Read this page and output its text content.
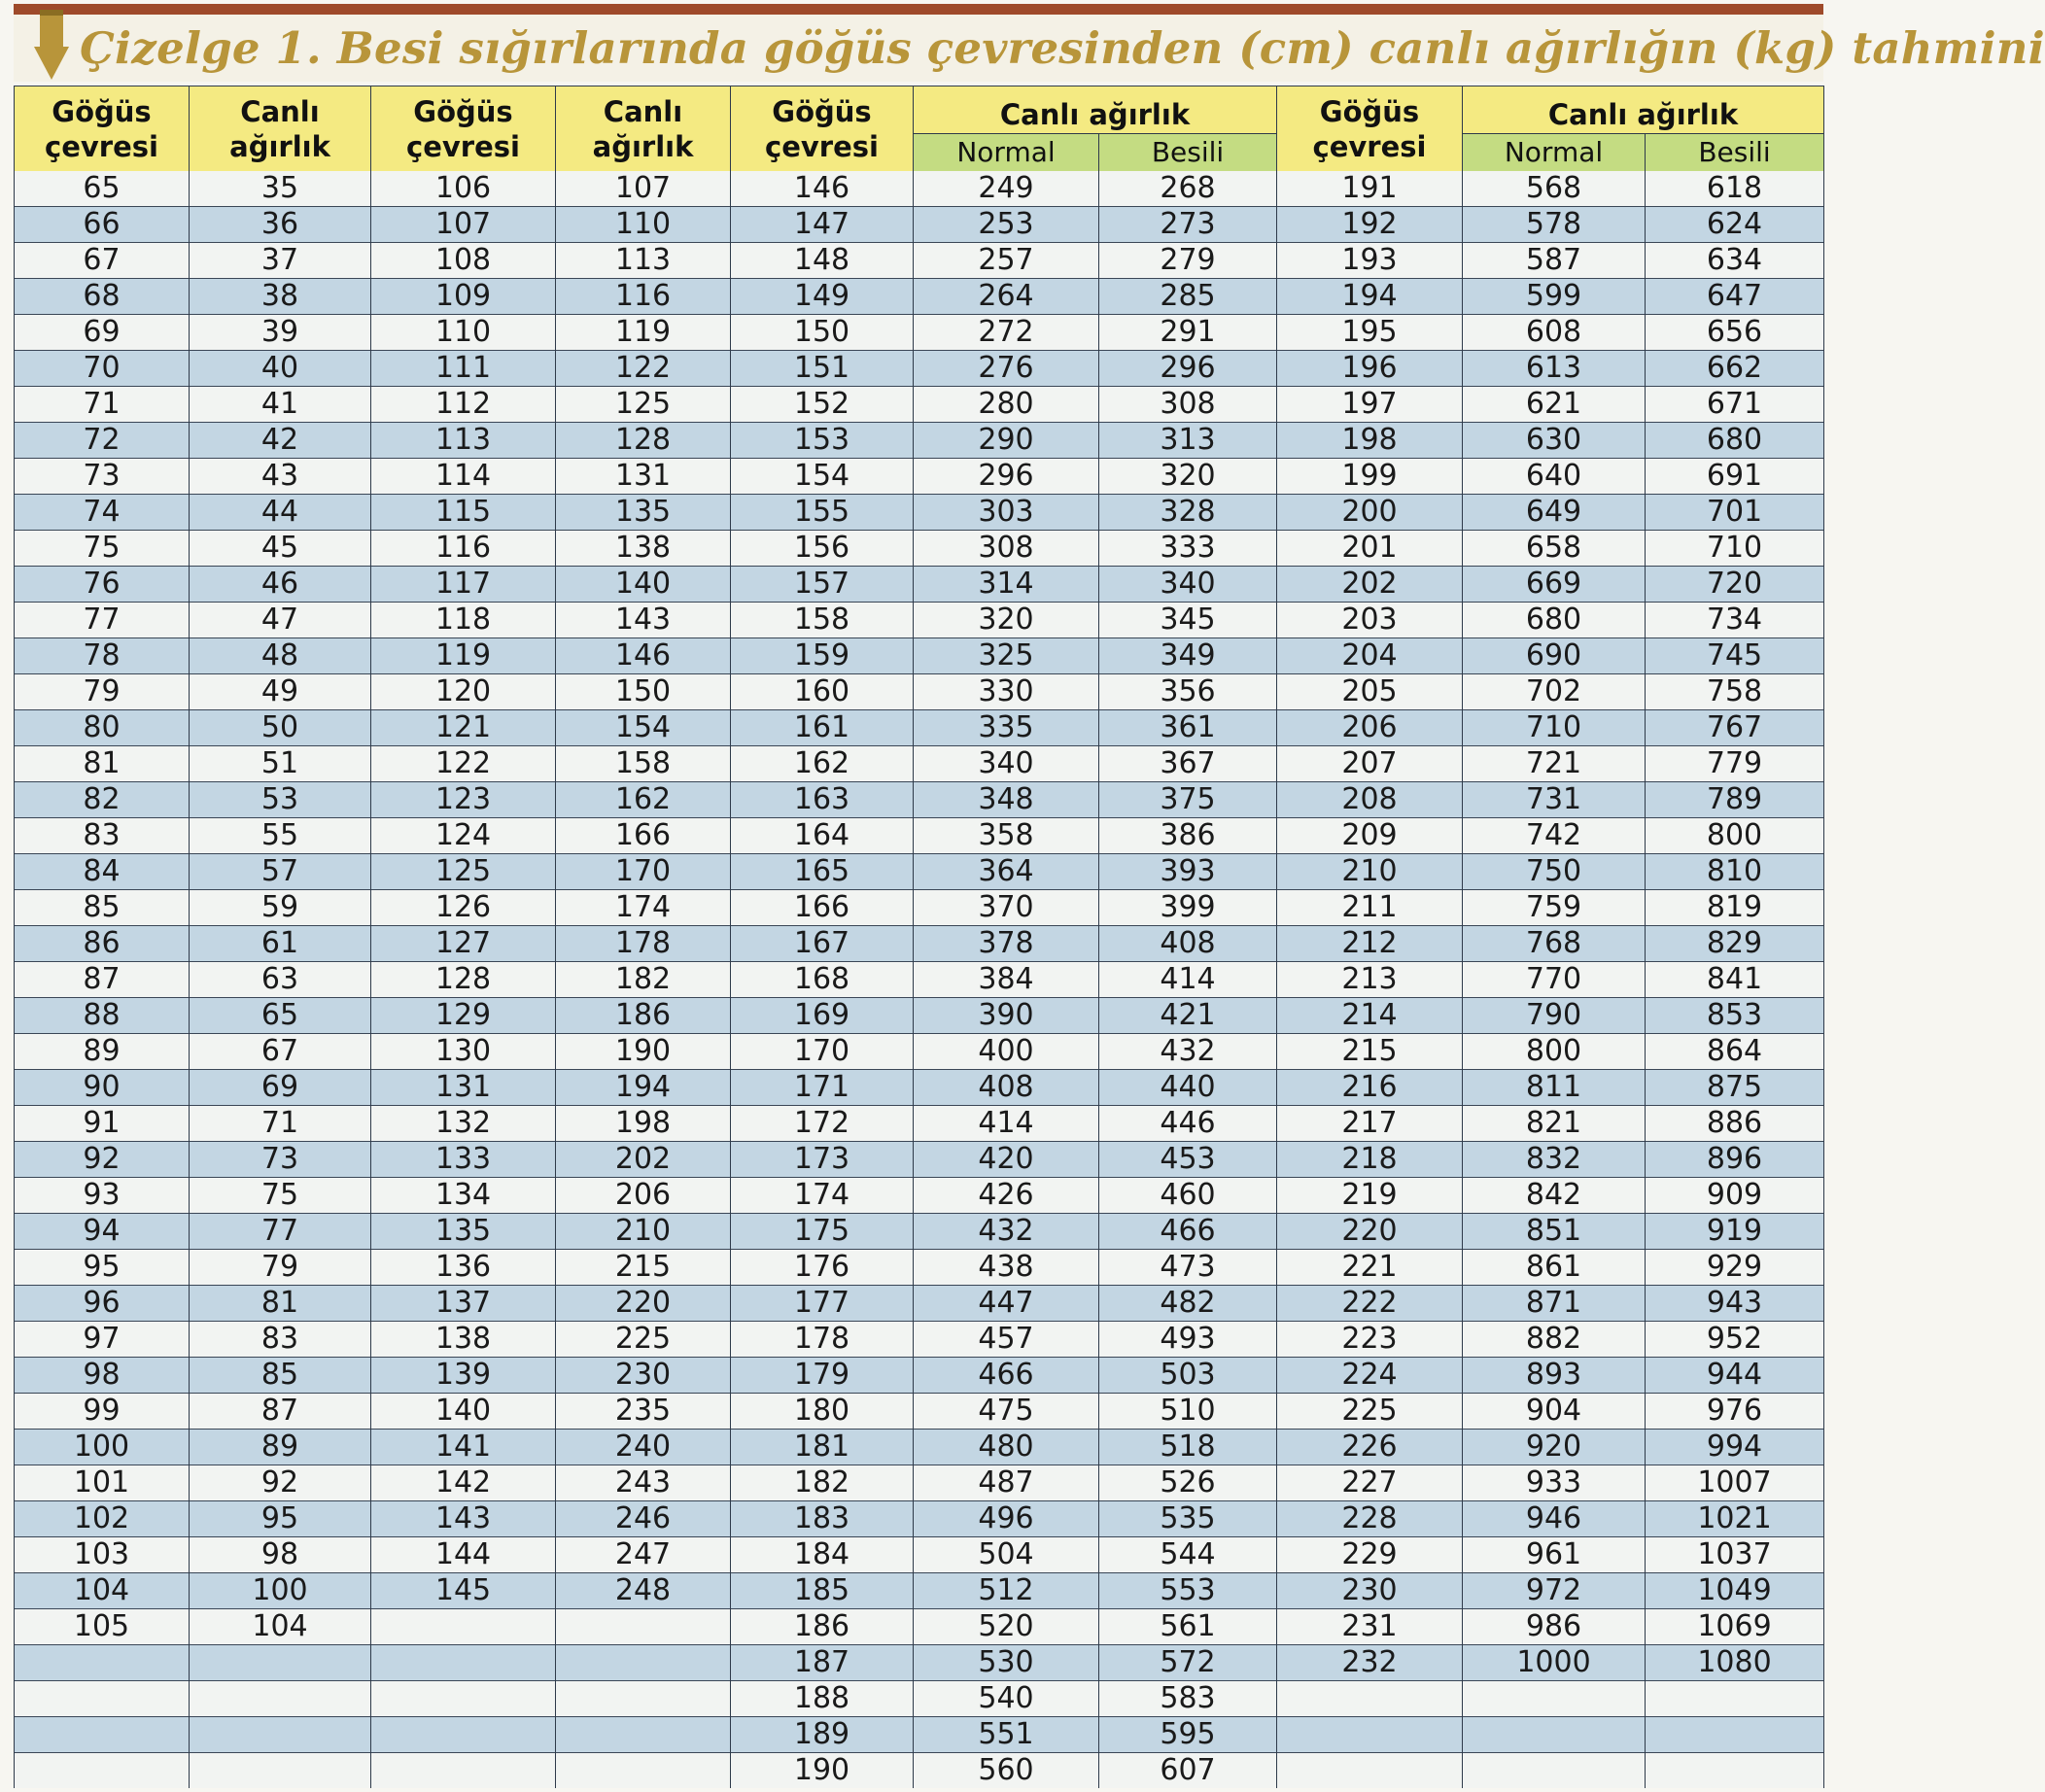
Çizelge 1. Besi sığırlarında göğüs çevresinden (cm) canlı ağırlığın (kg) tahmini
Göğüs çevresi	Canlı ağırlık	Göğüs çevresi	Canlı ağırlık	Göğüs çevresi	Canlı ağırlık		Göğüs çevresi	Canlı ağırlık	
					Normal	Besili		Normal	Besili
65	35	106	107	146	249	268	191	568	618
66	36	107	110	147	253	273	192	578	624
67	37	108	113	148	257	279	193	587	634
68	38	109	116	149	264	285	194	599	647
69	39	110	119	150	272	291	195	608	656
70	40	111	122	151	276	296	196	613	662
71	41	112	125	152	280	308	197	621	671
72	42	113	128	153	290	313	198	630	680
73	43	114	131	154	296	320	199	640	691
74	44	115	135	155	303	328	200	649	701
75	45	116	138	156	308	333	201	658	710
76	46	117	140	157	314	340	202	669	720
77	47	118	143	158	320	345	203	680	734
78	48	119	146	159	325	349	204	690	745
79	49	120	150	160	330	356	205	702	758
80	50	121	154	161	335	361	206	710	767
81	51	122	158	162	340	367	207	721	779
82	53	123	162	163	348	375	208	731	789
83	55	124	166	164	358	386	209	742	800
84	57	125	170	165	364	393	210	750	810
85	59	126	174	166	370	399	211	759	819
86	61	127	178	167	378	408	212	768	829
87	63	128	182	168	384	414	213	770	841
88	65	129	186	169	390	421	214	790	853
89	67	130	190	170	400	432	215	800	864
90	69	131	194	171	408	440	216	811	875
91	71	132	198	172	414	446	217	821	886
92	73	133	202	173	420	453	218	832	896
93	75	134	206	174	426	460	219	842	909
94	77	135	210	175	432	466	220	851	919
95	79	136	215	176	438	473	221	861	929
96	81	137	220	177	447	482	222	871	943
97	83	138	225	178	457	493	223	882	952
98	85	139	230	179	466	503	224	893	944
99	87	140	235	180	475	510	225	904	976
100	89	141	240	181	480	518	226	920	994
101	92	142	243	182	487	526	227	933	1007
102	95	143	246	183	496	535	228	946	1021
103	98	144	247	184	504	544	229	961	1037
104	100	145	248	185	512	553	230	972	1049
105	104			186	520	561	231	986	1069
				187	530	572	232	1000	1080
				188	540	583			
				189	551	595			
				190	560	607			
